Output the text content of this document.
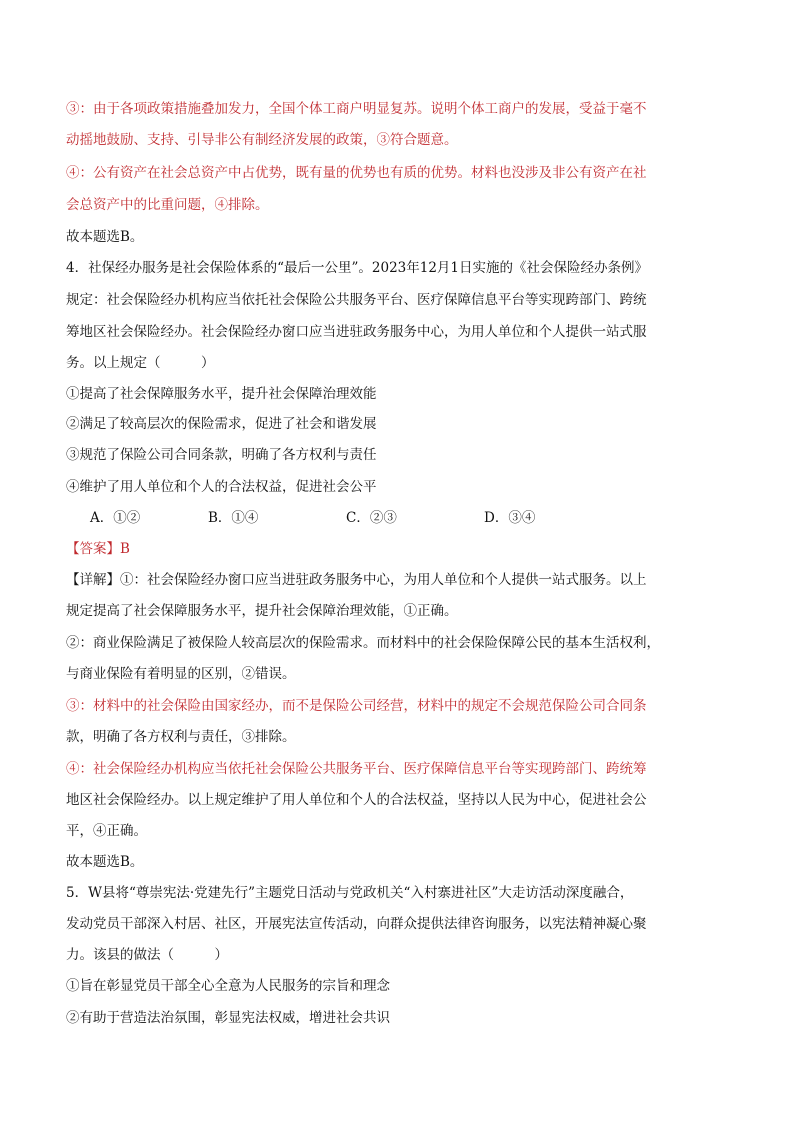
③：由于各项政策措施叠加发力，全国个体工商户明显复苏。说明个体工商户的发展，受益于毫不
动摇地鼓励、支持、引导非公有制经济发展的政策，③符合题意。
④：公有资产在社会总资产中占优势，既有量的优势也有质的优势。材料也没涉及非公有资产在社
会总资产中的比重问题，④排除。
故本题选B。
4．社保经办服务是社会保险体系的“最后一公里”。2023年12月1日实施的《社会保险经办条例》
规定：社会保险经办机构应当依托社会保险公共服务平台、医疗保障信息平台等实现跨部门、跨统
筹地区社会保险经办。社会保险经办窗口应当进驻政务服务中心，为用人单位和个人提供一站式服
务。以上规定（　　　）
①提高了社会保障服务水平，提升社会保障治理效能
②满足了较高层次的保险需求，促进了社会和谐发展
③规范了保险公司合同条款，明确了各方权利与责任
④维护了用人单位和个人的合法权益，促进社会公平
A．①②	B．①④	C．②③	D．③④
【答案】B
【详解】①：社会保险经办窗口应当进驻政务服务中心，为用人单位和个人提供一站式服务。以上
规定提高了社会保障服务水平，提升社会保障治理效能，①正确。
②：商业保险满足了被保险人较高层次的保险需求。而材料中的社会保险保障公民的基本生活权利，
与商业保险有着明显的区别，②错误。
③：材料中的社会保险由国家经办，而不是保险公司经营，材料中的规定不会规范保险公司合同条
款，明确了各方权利与责任，③排除。
④：社会保险经办机构应当依托社会保险公共服务平台、医疗保障信息平台等实现跨部门、跨统筹
地区社会保险经办。以上规定维护了用人单位和个人的合法权益，坚持以人民为中心，促进社会公
平，④正确。
故本题选B。
5．W县将“尊崇宪法·党建先行”主题党日活动与党政机关“入村寨进社区”大走访活动深度融合，
发动党员干部深入村居、社区，开展宪法宣传活动，向群众提供法律咨询服务，以宪法精神凝心聚
力。该县的做法（　　　）
①旨在彰显党员干部全心全意为人民服务的宗旨和理念
②有助于营造法治氛围，彰显宪法权威，增进社会共识
